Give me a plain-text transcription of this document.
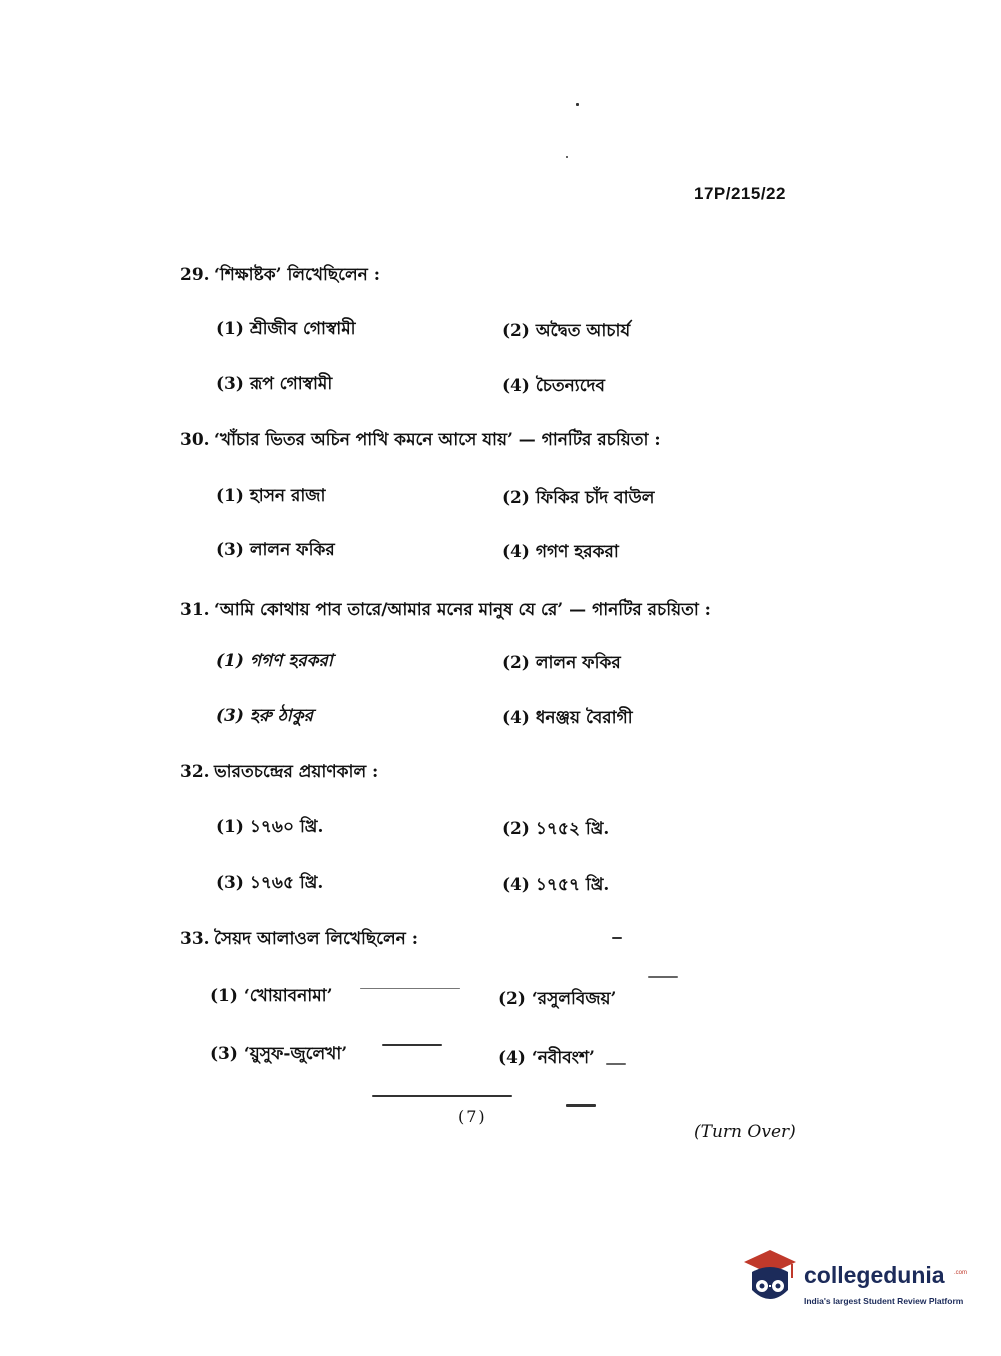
17P/215/22
29. ‘শিক্ষাষ্টক’ লিখেছিলেন :
(1) শ্রীজীব গোস্বামী	(2) অদ্বৈত আচার্য
(3) রূপ গোস্বামী	(4) চৈতন্যদেব
30. ‘খাঁচার ভিতর অচিন পাখি কমনে আসে যায়’ — গানটির রচয়িতা :
(1) হাসন রাজা	(2) ফিকির চাঁদ বাউল
(3) লালন ফকির	(4) গগণ হরকরা
31. ‘আমি কোথায় পাব তারে/আমার মনের মানুষ যে রে’ — গানটির রচয়িতা :
(1) গগণ হরকরা	(2) লালন ফকির
(3) হরু ঠাকুর	(4) ধনঞ্জয় বৈরাগী
32. ভারতচন্দ্রের প্রয়াণকাল :
(1) ১৭৬০ খ্রি.	(2) ১৭৫২ খ্রি.
(3) ১৭৬৫ খ্রি.	(4) ১৭৫৭ খ্রি.
33. সৈয়দ আলাওল লিখেছিলেন :
(1) ‘খোয়াবনামা’	(2) ‘রসুলবিজয়’
(3) ‘য়ুসুফ-জুলেখা’	(4) ‘নবীবংশ’
(7)
(Turn Over)
collegedunia .com
India's largest Student Review Platform
